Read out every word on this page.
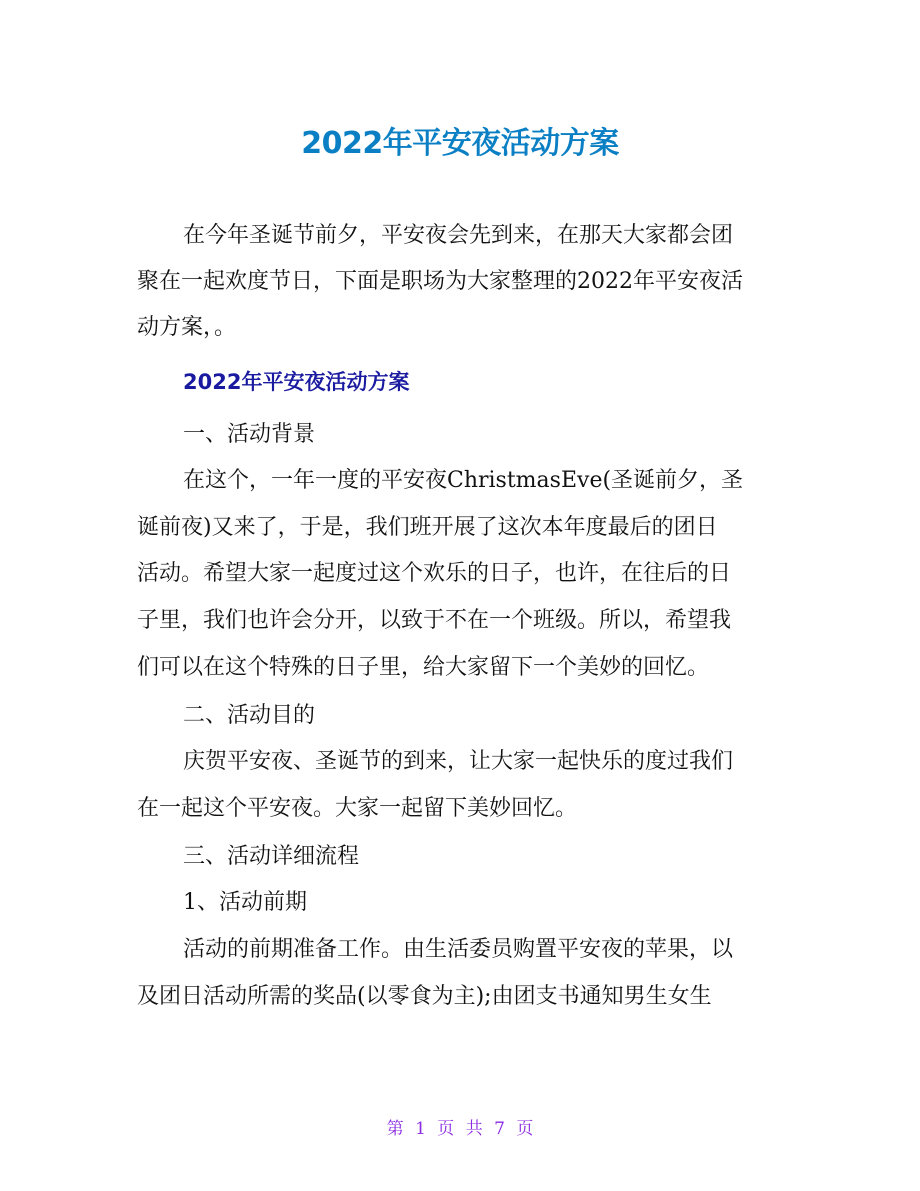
2022年平安夜活动方案
在今年圣诞节前夕，平安夜会先到来，在那天大家都会团
聚在一起欢度节日，下面是职场为大家整理的2022年平安夜活
动方案，。
2022年平安夜活动方案
一、活动背景
在这个，一年一度的平安夜ChristmasEve(圣诞前夕，圣
诞前夜)又来了，于是，我们班开展了这次本年度最后的团日
活动。希望大家一起度过这个欢乐的日子，也许，在往后的日
子里，我们也许会分开，以致于不在一个班级。所以，希望我
们可以在这个特殊的日子里，给大家留下一个美妙的回忆。
二、活动目的
庆贺平安夜、圣诞节的到来，让大家一起快乐的度过我们
在一起这个平安夜。大家一起留下美妙回忆。
三、活动详细流程
1、活动前期
活动的前期准备工作。由生活委员购置平安夜的苹果，以
及团日活动所需的奖品(以零食为主);由团支书通知男生女生
第 1 页 共 7 页
